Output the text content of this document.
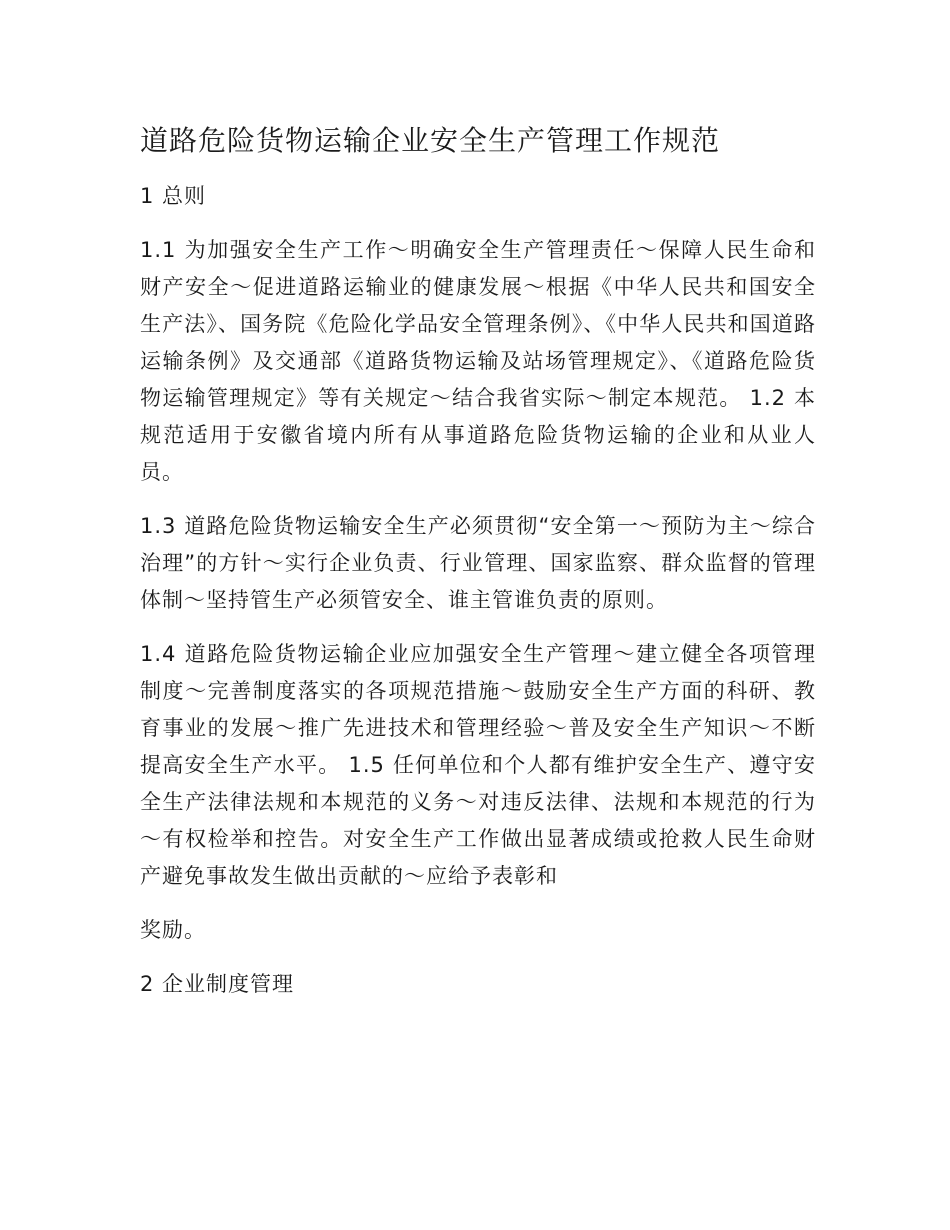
道路危险货物运输企业安全生产管理工作规范
1 总则

1.1 为加强安全生产工作～明确安全生产管理责任～保障人民生命和财产安全～促进道路运输业的健康发展～根据《中华人民共和国安全生产法》、国务院《危险化学品安全管理条例》、《中华人民共和国道路运输条例》及交通部《道路货物运输及站场管理规定》、《道路危险货物运输管理规定》等有关规定～结合我省实际～制定本规范。 1.2 本规范适用于安徽省境内所有从事道路危险货物运输的企业和从业人员。

1.3 道路危险货物运输安全生产必须贯彻“安全第一～预防为主～综合治理”的方针～实行企业负责、行业管理、国家监察、群众监督的管理体制～坚持管生产必须管安全、谁主管谁负责的原则。

1.4 道路危险货物运输企业应加强安全生产管理～建立健全各项管理制度～完善制度落实的各项规范措施～鼓励安全生产方面的科研、教育事业的发展～推广先进技术和管理经验～普及安全生产知识～不断提高安全生产水平。 1.5 任何单位和个人都有维护安全生产、遵守安全生产法律法规和本规范的义务～对违反法律、法规和本规范的行为～有权检举和控告。对安全生产工作做出显著成绩或抢救人民生命财产避免事故发生做出贡献的～应给予表彰和

奖励。

2 企业制度管理
